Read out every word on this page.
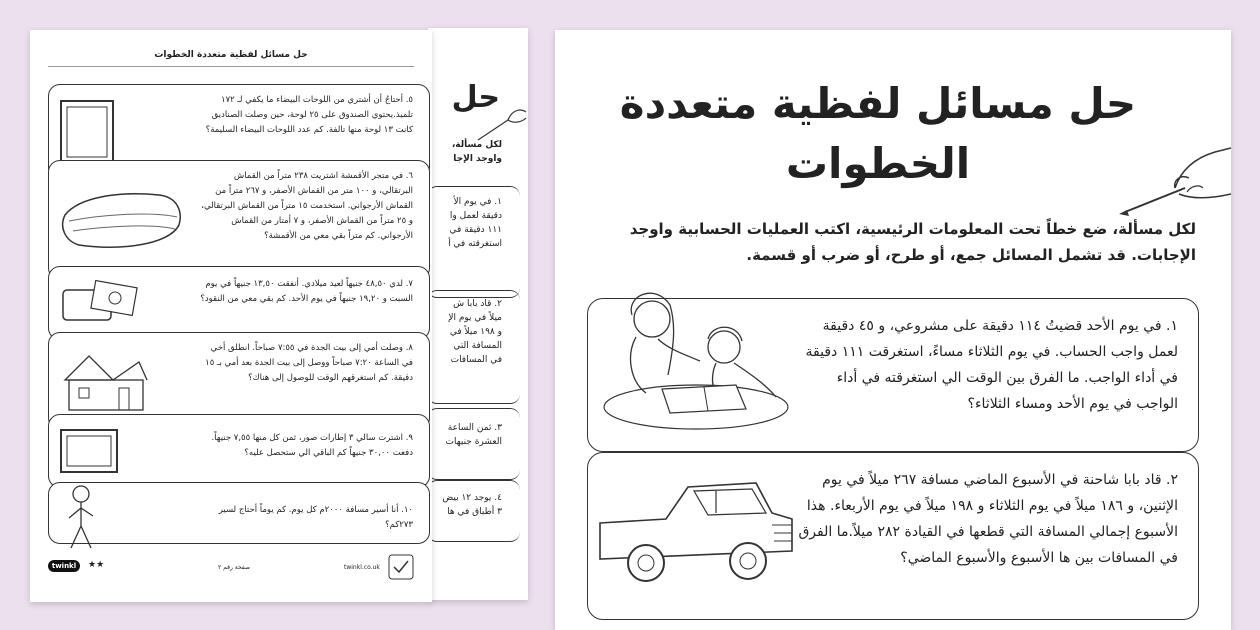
حل
لكل مسألة،
واوجد الإجا
١. في يوم الأ
دقيقة لعمل وا
١١١ دقيقة في
استغرقته في أ
٢. قاد بابا ش
ميلاً في يوم الإ
و ١٩٨ ميلاً في
المسافة التي
في المسافات
٣. ثمن الساعة
العشرة جنيهات
٤. يوجد ١٢ بيض
٣ أطباق في ها
حل مسائل لفظية متعددة الخطوات
٥. أحتاجُ أن أشتري من اللوحات البيضاء ما يكفي لـ ١٧٢ تلميذ.يحتوي الصندوق على ٢٥ لوحة، حين وصلت الصناديق كانت ١٣ لوحة منها تالفة. كم عدد اللوحات البيضاء السليمة؟
٦. في متجر الأقمشة اشتريت ٢٣٨ متراً من القماش البرتقالي، و ١٠٠ متر من القماش الأصفر، و ٢٦٧ متراً من القماش الأرجواني. استخدمت ١٥ متراً من القماش البرتقالي، و ٢٥ متراً من القماش الأصفر، و ٧ أمتار من القماش الأرجواني. كم متراً بقي معي من الأقمشة؟
٧. لدي ٤٨,٥٠ جنيهاً لعيد ميلادي. أنفقت ١٣,٥٠ جنيهاً في يوم السبت و ١٩,٢٠ جنيهاً في يوم الأحد. كم بقي معي من النقود؟
٨. وصلت أمي إلى بيت الجدة في ٧:٥٥ صباحاً. انطلق أخي في الساعة ٧:٢٠ صباحاً ووصل إلى بيت الجدة بعد أمي بـ ١٥ دقيقة. كم استغرقهم الوقت للوصول إلى هناك؟
٩. اشترت سالي ٣ إطارات صور، ثمن كل منها ٧,٥٥ جنيهاً. دفعت ٣٠,٠٠ جنيهاً كم الباقي الي ستحصل عليه؟
١٠. أنا أسير مسافة ٢٠٠٠م كل يوم. كم يوماً أحتاج لسير ٢٧٣كم؟
twinkl	★★	صفحة رقم ٢	twinkl.co.uk
حل مسائل لفظية متعددة الخطوات
لكل مسألة، ضع خطاً تحت المعلومات الرئيسية، اكتب العمليات الحسابية واوجد الإجابات. قد تشمل المسائل جمع، أو طرح، أو ضرب أو قسمة.
١. في يوم الأحد قضيتُ ١١٤ دقيقة على مشروعي، و ٤٥ دقيقة لعمل واجب الحساب. في يوم الثلاثاء مساءً، استغرقت ١١١ دقيقة في أداء الواجب. ما الفرق بين الوقت الي استغرقته في أداء الواجب في يوم الأحد ومساء الثلاثاء؟
٢. قاد بابا شاحنة في الأسبوع الماضي مسافة ٢٦٧ ميلاً في يوم الإثنين، و ١٨٦ ميلاً في يوم الثلاثاء و ١٩٨ ميلاً في يوم الأربعاء. هذا الأسبوع إجمالي المسافة التي قطعها في القيادة ٢٨٢ ميلاً.ما الفرق في المسافات بين ها الأسبوع والأسبوع الماضي؟
